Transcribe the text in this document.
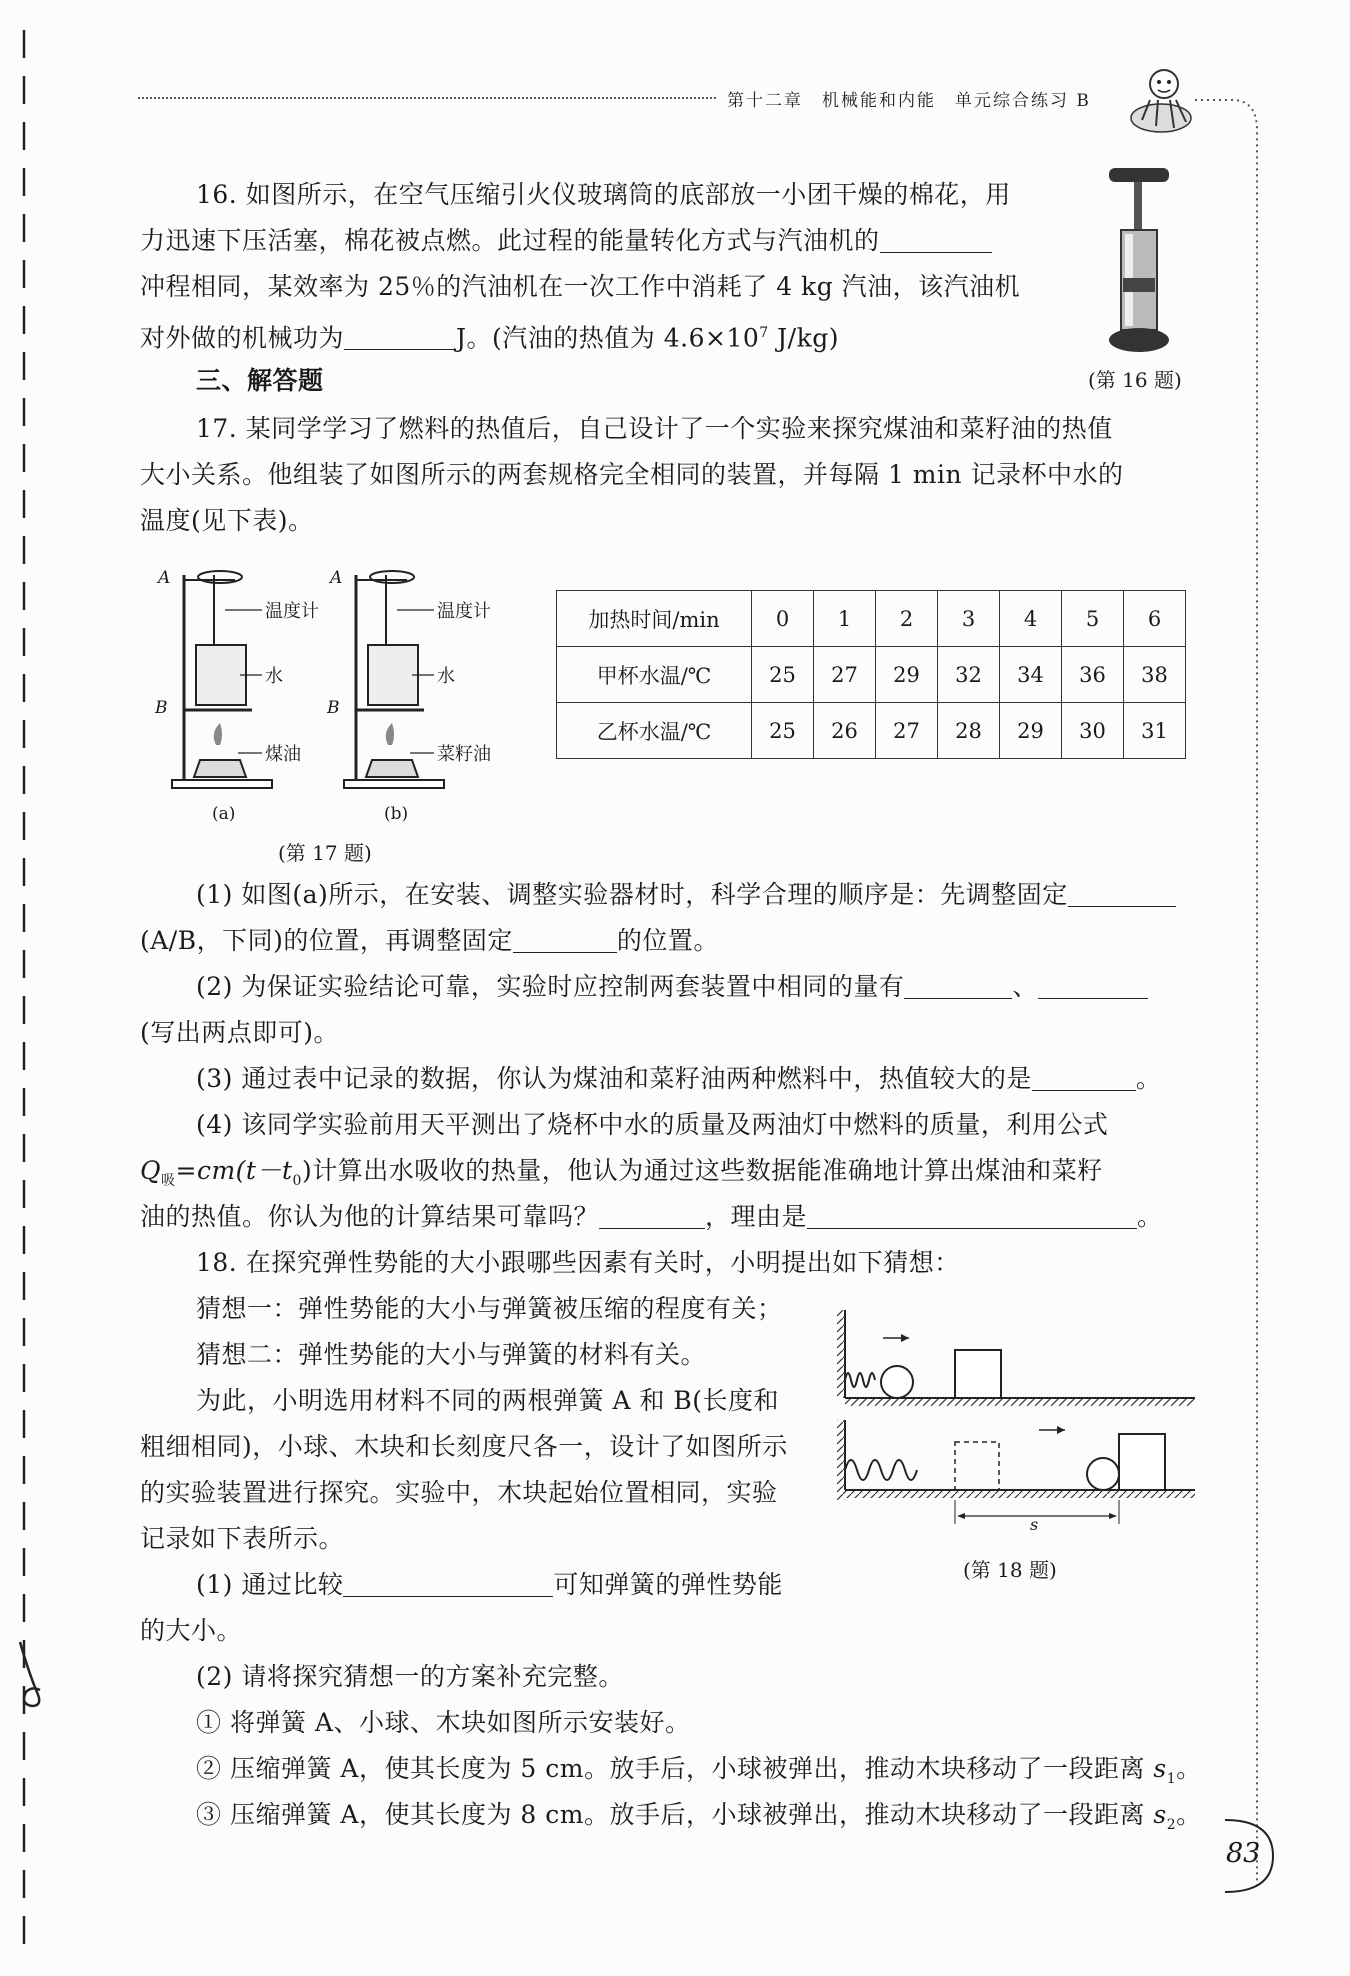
第十二章　机械能和内能　单元综合练习 B
16. 如图所示，在空气压缩引火仪玻璃筒的底部放一小团干燥的棉花，用
力迅速下压活塞，棉花被点燃。此过程的能量转化方式与汽油机的
冲程相同，某效率为 25％的汽油机在一次工作中消耗了 4 kg 汽油，该汽油机
对外做的机械功为	J。(汽油的热值为 $4.6\times 10^7$ J/kg)
(第 16 题)
三、解答题
17. 某同学学习了燃料的热值后，自己设计了一个实验来探究煤油和菜籽油的热值
大小关系。他组装了如图所示的两套规格完全相同的装置，并每隔 1 min 记录杯中水的
温度(见下表)。
A
B
A
B
温度计
水
煤油
温度计
水
菜籽油
(a)	(b)
(第 17 题)
加热时间/min	0	1	2	3	4	5	6
甲杯水温/℃	25	27	29	32	34	36	38
乙杯水温/℃	25	26	27	28	29	30	31
(1) 如图(a)所示，在安装、调整实验器材时，科学合理的顺序是：先调整固定
(A/B，下同)的位置，再调整固定	的位置。
(2) 为保证实验结论可靠，实验时应控制两套装置中相同的量有	、
(写出两点即可)。
(3) 通过表中记录的数据，你认为煤油和菜籽油两种燃料中，热值较大的是	。
(4) 该同学实验前用天平测出了烧杯中水的质量及两油灯中燃料的质量，利用公式
$Q_吸=cm(t-t_0)$计算出水吸收的热量，他认为通过这些数据能准确地计算出煤油和菜籽
油的热值。你认为他的计算结果可靠吗？	，理由是	。
18. 在探究弹性势能的大小跟哪些因素有关时，小明提出如下猜想：
猜想一：弹性势能的大小与弹簧被压缩的程度有关；
猜想二：弹性势能的大小与弹簧的材料有关。
为此，小明选用材料不同的两根弹簧 A 和 B(长度和
粗细相同)，小球、木块和长刻度尺各一，设计了如图所示
的实验装置进行探究。实验中，木块起始位置相同，实验
记录如下表所示。
(1) 通过比较	可知弹簧的弹性势能
的大小。
(2) 请将探究猜想一的方案补充完整。
① 将弹簧 A、小球、木块如图所示安装好。
② 压缩弹簧 A，使其长度为 5 cm。放手后，小球被弹出，推动木块移动了一段距离 $s_1$。
③ 压缩弹簧 A，使其长度为 8 cm。放手后，小球被弹出，推动木块移动了一段距离 $s_2$。
s
(第 18 题)
83
